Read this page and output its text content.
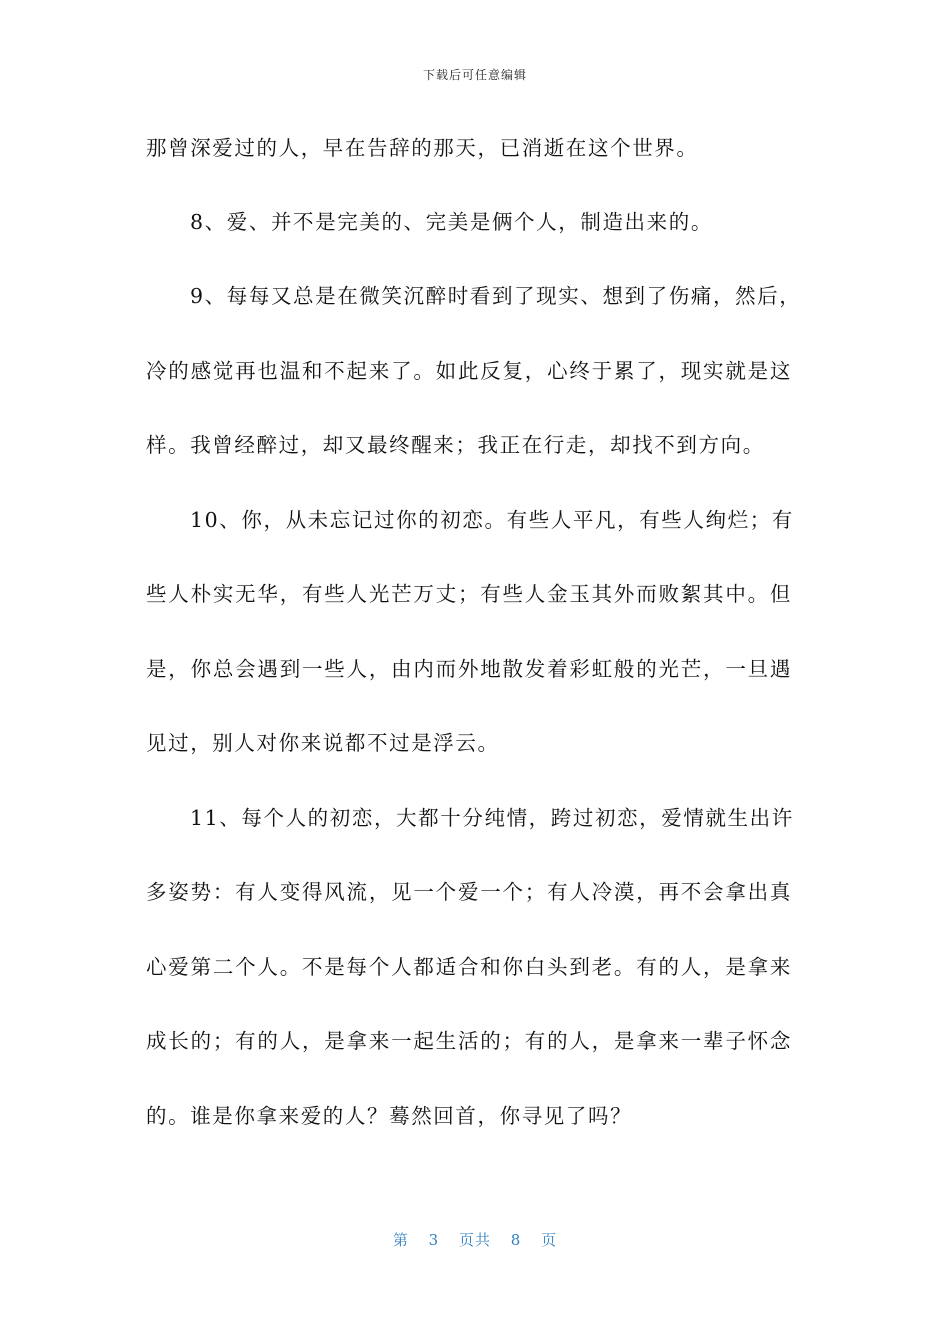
下载后可任意编辑
那曾深爱过的人，早在告辞的那天，已消逝在这个世界。
8、爱、并不是完美的、完美是俩个人，制造出来的。
9、每每又总是在微笑沉醉时看到了现实、想到了伤痛，然后，
冷的感觉再也温和不起来了。如此反复，心终于累了，现实就是这
样。我曾经醉过，却又最终醒来；我正在行走，却找不到方向。
10、你，从未忘记过你的初恋。有些人平凡，有些人绚烂；有
些人朴实无华，有些人光芒万丈；有些人金玉其外而败絮其中。但
是，你总会遇到一些人，由内而外地散发着彩虹般的光芒，一旦遇
见过，别人对你来说都不过是浮云。
11、每个人的初恋，大都十分纯情，跨过初恋，爱情就生出许
多姿势：有人变得风流，见一个爱一个；有人冷漠，再不会拿出真
心爱第二个人。不是每个人都适合和你白头到老。有的人，是拿来
成长的；有的人，是拿来一起生活的；有的人，是拿来一辈子怀念
的。谁是你拿来爱的人？蓦然回首，你寻见了吗？
第 3 页共 8 页
